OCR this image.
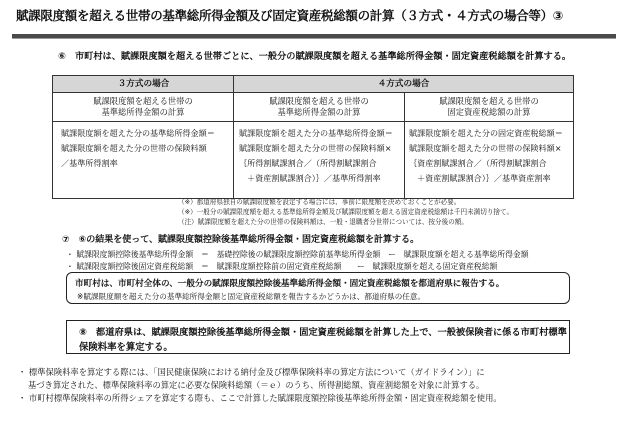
賦課限度額を超える世帯の基準総所得金額及び固定資産税総額の計算（３方式・４方式の場合等）③
⑥　市町村は、賦課限度額を超える世帯ごとに、一般分の賦課限度額を超える基準総所得金額・固定資産税総額を計算する。
３方式の場合	４方式の場合
賦課限度額を超える世帯の
基準総所得金額の計算
賦課限度額を超えた分の基準総所得金額＝
賦課限度額を超えた分の世帯の保険料額
／基準所得割率
賦課限度額を超える世帯の
基準総所得金額の計算
賦課限度額を超えた分の基準総所得金額＝
賦課限度額を超えた分の世帯の保険料額×
｛所得割賦課割合／（所得割賦課割合
＋資産割賦課割合）｝／基準所得割率
賦課限度額を超える世帯の
固定資産税総額の計算
賦課限度額を超えた分の固定資産税総額＝
賦課限度額を超えた分の世帯の保険料額×
｛資産割賦課割合／（所得割賦課割合
＋資産割賦課割合）｝／基準資産割率
（※）都道府県独自の賦課限度額を設定する場合には、事前に限度額を決めておくことが必要。
（※）一般分の賦課限度額を超える基準総所得金額及び賦課限度額を超える固定資産税総額は千円未満切り捨て。
（注）賦課限度額を超えた分の世帯の保険料額は、一般・退職者分世帯については、按分後の額。
⑦　⑥の結果を使って、賦課限度額控除後基準総所得金額・固定資産税総額を計算する。
・ 賦課限度額控除後基準総所得金額　＝　基礎控除後の賦課限度額控除前基準総所得金額　ー　賦課限度額を超える基準総所得金額
・ 賦課限度額控除後固定資産税総額　＝　賦課限度額控除前の固定資産税総額　　ー　賦課限度額を超える固定資産税総額
市町村は、市町村全体の、一般分の賦課限度額控除後基準総所得金額・固定資産税総額を都道府県に報告する。
※賦課限度額を超えた分の基準総所得金額と固定資産税総額を報告するかどうかは、都道府県の任意。
⑧　都道府県は、賦課限度額控除後基準総所得金額・固定資産税総額を計算した上で、一般被保険者に係る市町村標準
保険料率を算定する。
・ 標準保険料率を算定する際には、「国民健康保険における納付金及び標準保険料率の算定方法について（ガイドライン）」に
基づき算定された、標準保険料率の算定に必要な保険料総額（＝ｅ）のうち、所得割総額、資産割総額を対象に計算する。
・ 市町村標準保険料率の所得シェアを算定する際も、ここで計算した賦課限度額控除後基準総所得金額・固定資産税総額を使用。
